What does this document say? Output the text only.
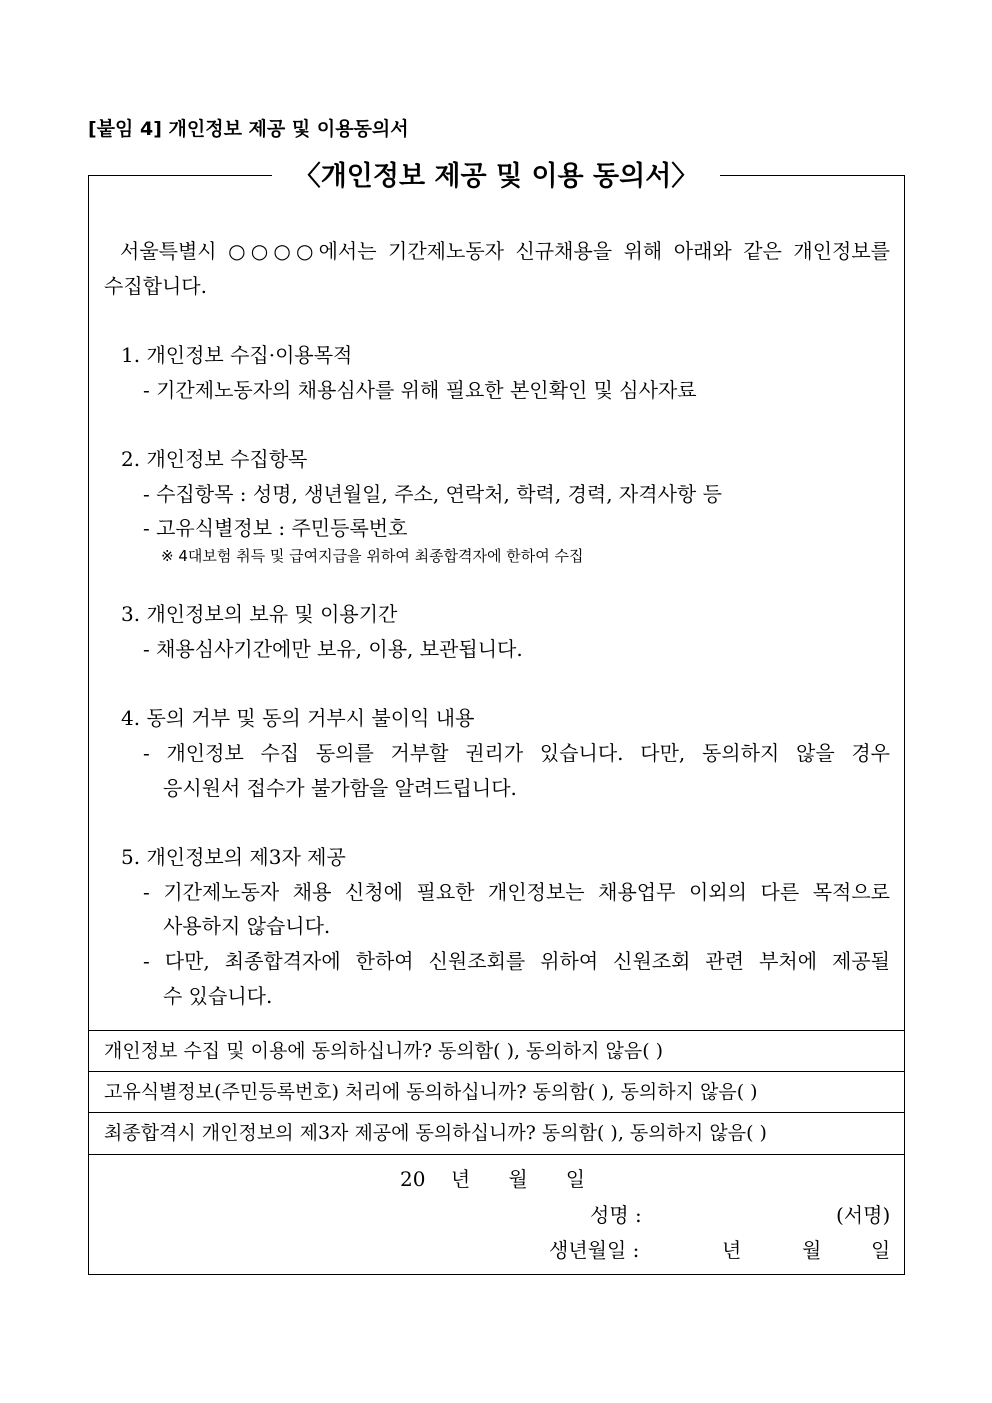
[붙임 4] 개인정보 제공 및 이용동의서
〈개인정보 제공 및 이용 동의서〉
서울특별시 ○○○○에서는 기간제노동자 신규채용을 위해 아래와 같은 개인정보를
수집합니다.
1. 개인정보 수집·이용목적
- 기간제노동자의 채용심사를 위해 필요한 본인확인 및 심사자료
2. 개인정보 수집항목
- 수집항목 : 성명, 생년월일, 주소, 연락처, 학력, 경력, 자격사항 등
- 고유식별정보 : 주민등록번호
※ 4대보험 취득 및 급여지급을 위하여 최종합격자에 한하여 수집
3. 개인정보의 보유 및 이용기간
- 채용심사기간에만 보유, 이용, 보관됩니다.
4. 동의 거부 및 동의 거부시 불이익 내용
- 개인정보 수집 동의를 거부할 권리가 있습니다. 다만, 동의하지 않을 경우
응시원서 접수가 불가함을 알려드립니다.
5. 개인정보의 제3자 제공
- 기간제노동자 채용 신청에 필요한 개인정보는 채용업무 이외의 다른 목적으로
사용하지 않습니다.
- 다만, 최종합격자에 한하여 신원조회를 위하여 신원조회 관련 부처에 제공될
수 있습니다.
개인정보 수집 및 이용에 동의하십니까? 동의함( ), 동의하지 않음( )
고유식별정보(주민등록번호) 처리에 동의하십니까? 동의함( ), 동의하지 않음( )
최종합격시 개인정보의 제3자 제공에 동의하십니까? 동의함( ), 동의하지 않음( )
20    년      월      일
성명 :	(서명)
생년월일 :	년	월 일
